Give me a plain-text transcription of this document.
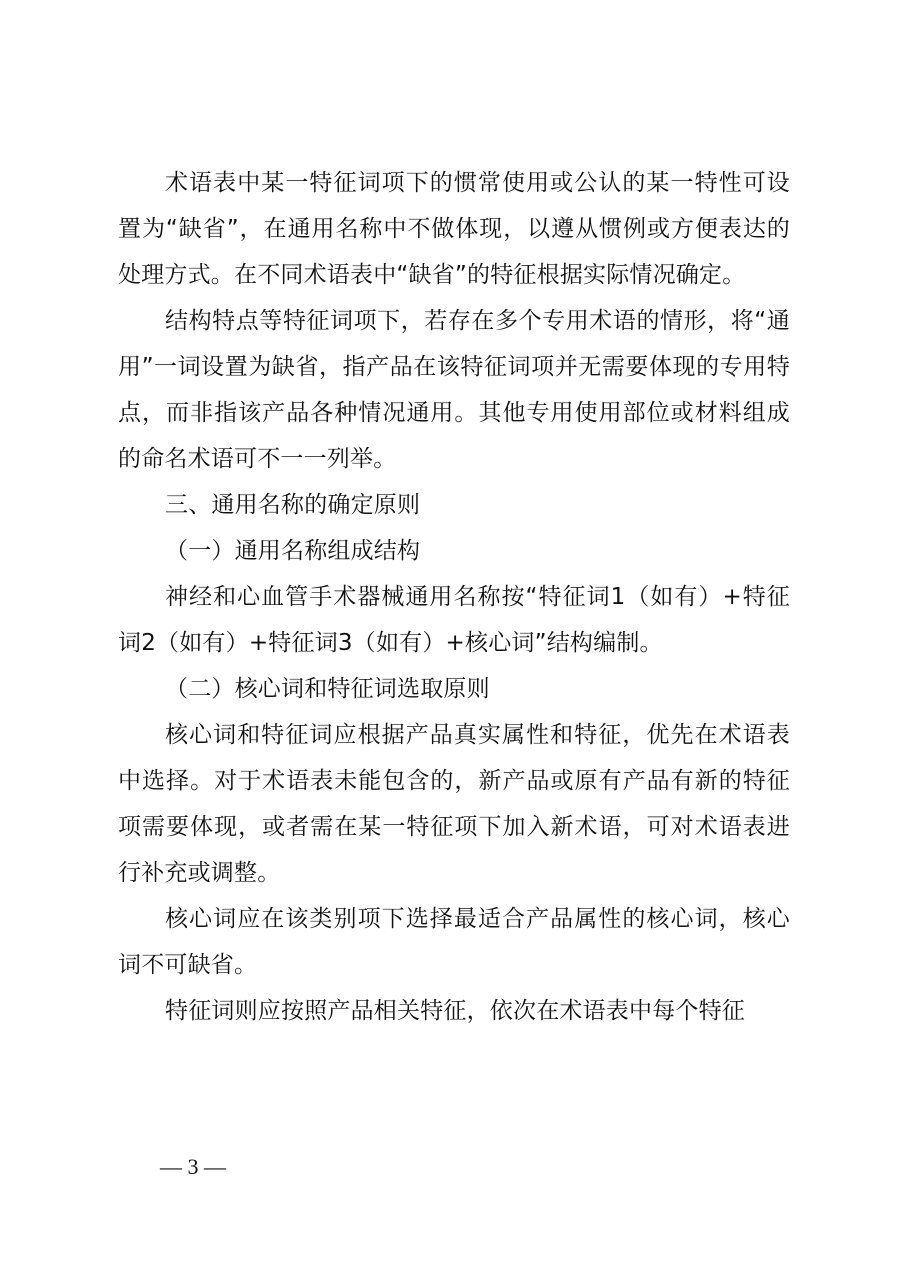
术语表中某一特征词项下的惯常使用或公认的某一特性可设置为“缺省”，在通用名称中不做体现，以遵从惯例或方便表达的处理方式。在不同术语表中“缺省”的特征根据实际情况确定。

结构特点等特征词项下，若存在多个专用术语的情形，将“通用”一词设置为缺省，指产品在该特征词项并无需要体现的专用特点，而非指该产品各种情况通用。其他专用使用部位或材料组成的命名术语可不一一列举。

三、通用名称的确定原则

（一）通用名称组成结构

神经和心血管手术器械通用名称按“特征词1（如有）+特征词2（如有）+特征词3（如有）+核心词”结构编制。

（二）核心词和特征词选取原则

核心词和特征词应根据产品真实属性和特征，优先在术语表中选择。对于术语表未能包含的，新产品或原有产品有新的特征项需要体现，或者需在某一特征项下加入新术语，可对术语表进行补充或调整。

核心词应在该类别项下选择最适合产品属性的核心词，核心词不可缺省。

特征词则应按照产品相关特征，依次在术语表中每个特征

— 3 —
